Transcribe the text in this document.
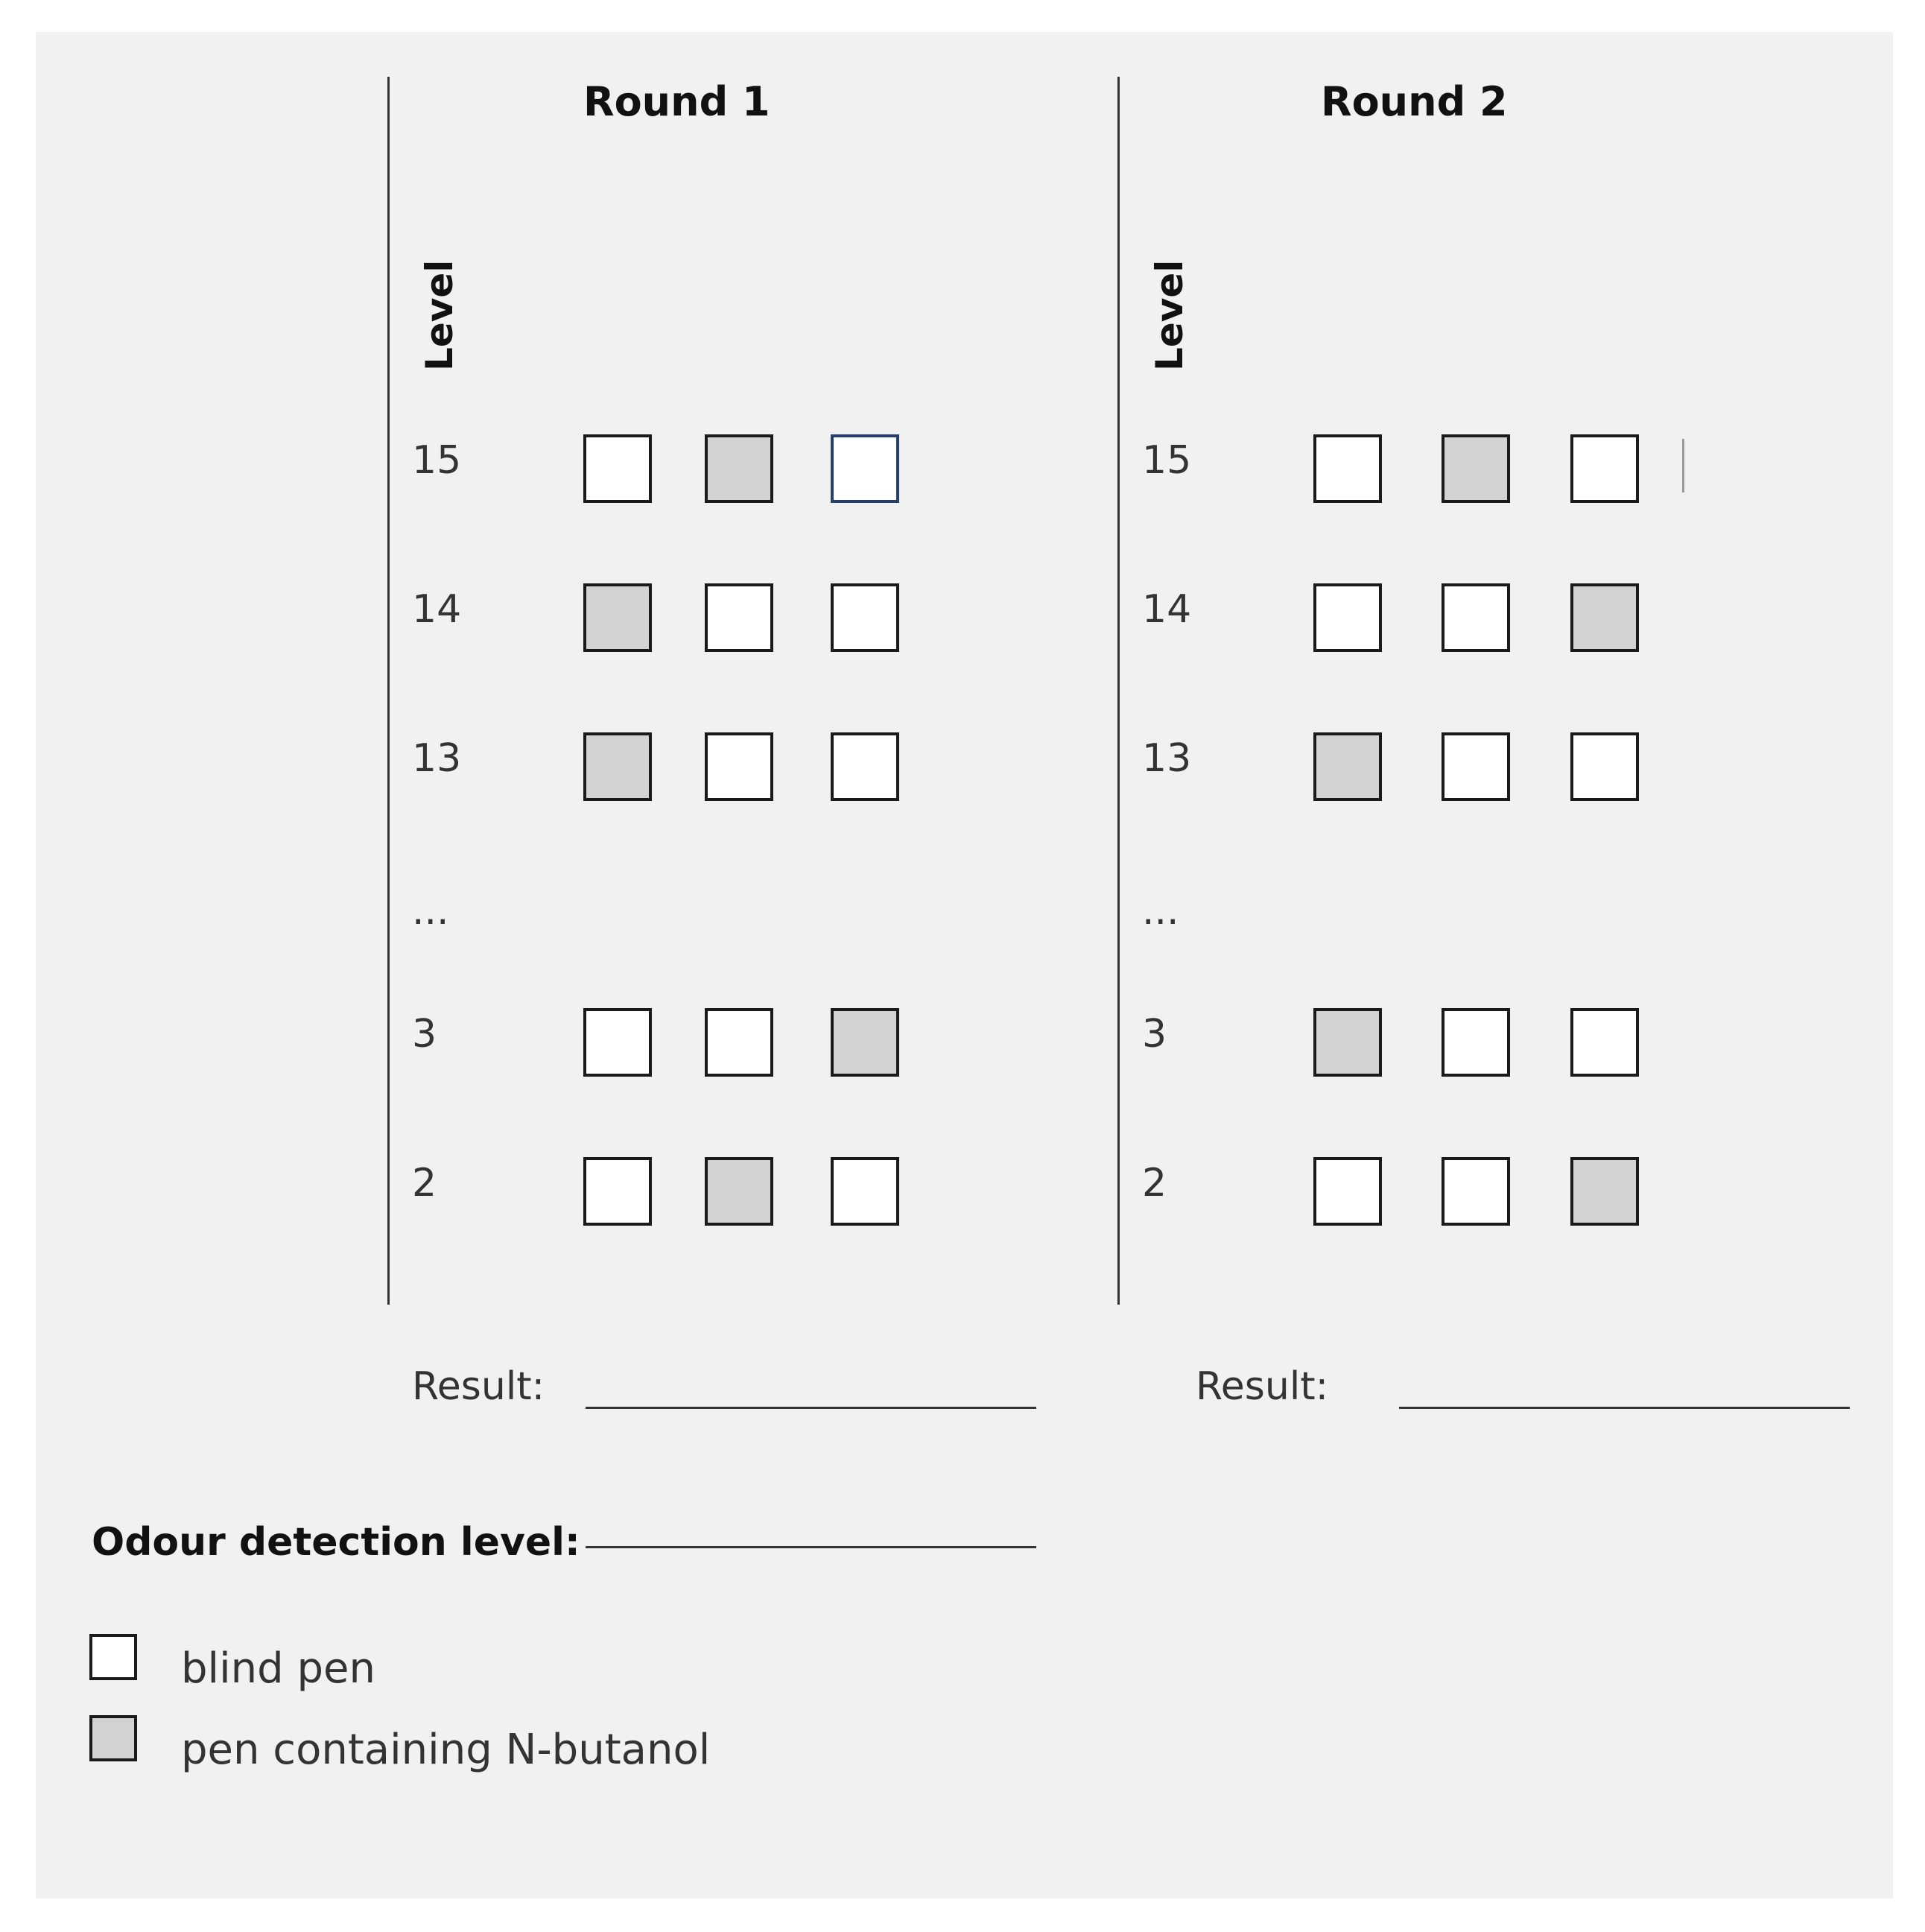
Round 1
Level
15
14
13
...
3
2
Result:
Round 2
Level
15
14
13
...
3
2
Result:
Odour detection level:
blind pen
pen containing N-butanol
